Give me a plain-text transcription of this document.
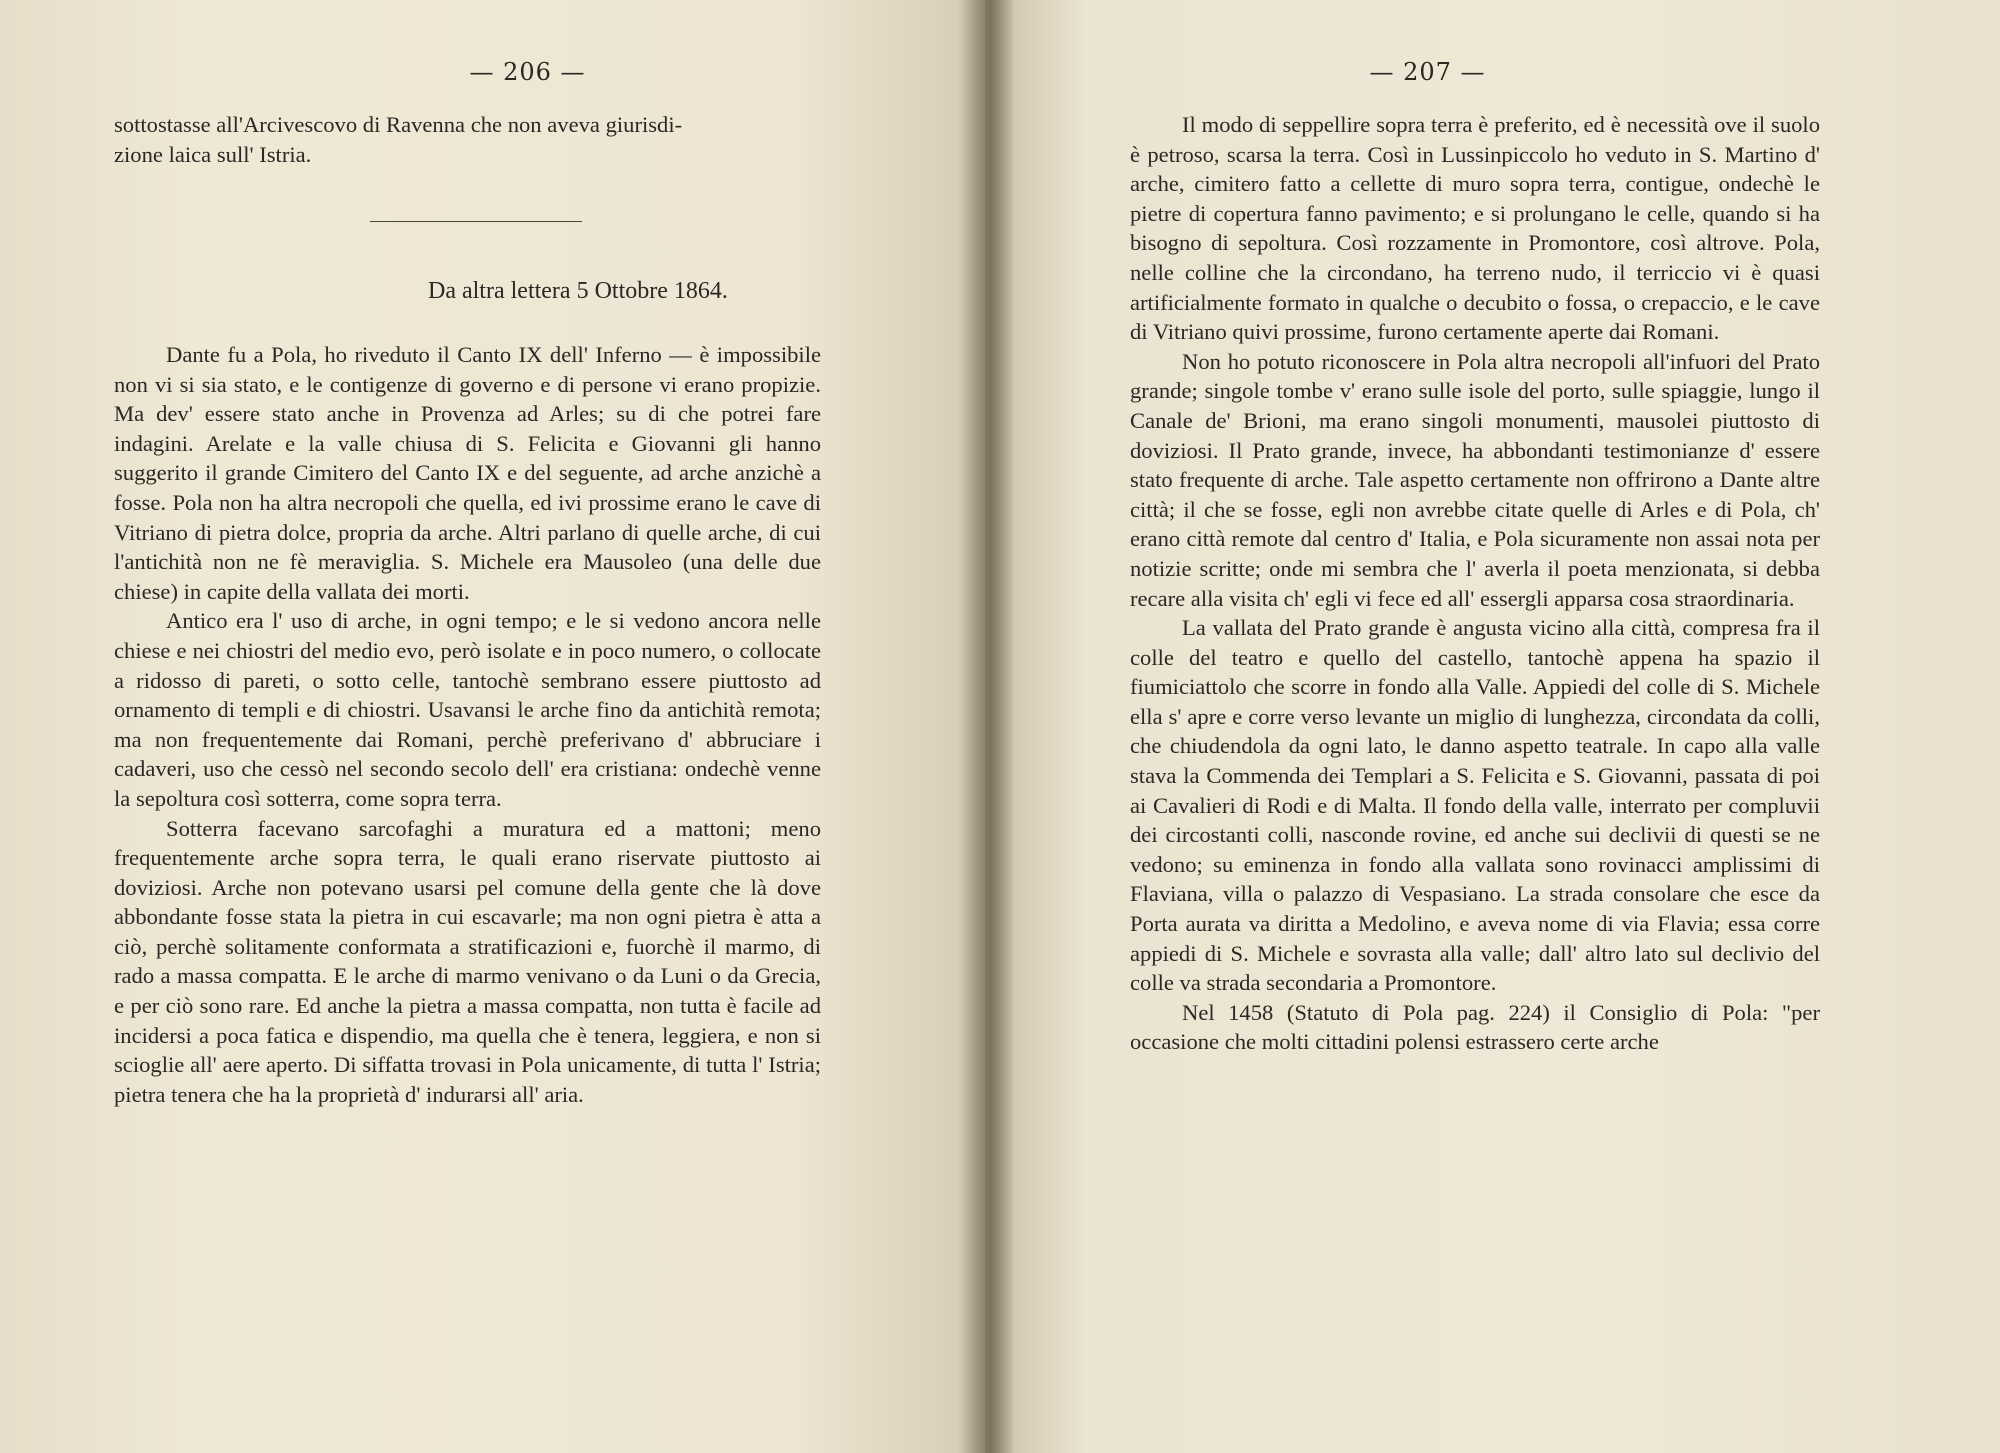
— 206 —

sottostasse all'Arcivescovo di Ravenna che non aveva giurisdi-

zione laica sull' Istria.

Da altra lettera 5 Ottobre 1864.

Dante fu a Pola, ho riveduto il Canto IX dell' Inferno — è impossibile non vi si sia stato, e le contigenze di governo e di persone vi erano propizie. Ma dev' essere stato anche in Provenza ad Arles; su di che potrei fare indagini. Arelate e la valle chiusa di S. Felicita e Giovanni gli hanno suggerito il grande Cimitero del Canto IX e del seguente, ad arche anzichè a fosse. Pola non ha altra necropoli che quella, ed ivi prossime erano le cave di Vitriano di pietra dolce, propria da arche. Altri parlano di quelle arche, di cui l'antichità non ne fè meraviglia. S. Michele era Mausoleo (una delle due chiese) in capite della vallata dei morti.

Antico era l' uso di arche, in ogni tempo; e le si vedono ancora nelle chiese e nei chiostri del medio evo, però isolate e in poco numero, o collocate a ridosso di pareti, o sotto celle, tantochè sembrano essere piuttosto ad ornamento di templi e di chiostri. Usavansi le arche fino da antichità remota; ma non frequentemente dai Romani, perchè preferivano d' abbruciare i cadaveri, uso che cessò nel secondo secolo dell' era cristiana: ondechè venne la sepoltura così sotterra, come sopra terra.

Sotterra facevano sarcofaghi a muratura ed a mattoni; meno frequentemente arche sopra terra, le quali erano riservate piuttosto ai doviziosi. Arche non potevano usarsi pel comune della gente che là dove abbondante fosse stata la pietra in cui escavarle; ma non ogni pietra è atta a ciò, perchè solitamente conformata a stratificazioni e, fuorchè il marmo, di rado a massa compatta. E le arche di marmo venivano o da Luni o da Grecia, e per ciò sono rare. Ed anche la pietra a massa compatta, non tutta è facile ad incidersi a poca fatica e dispendio, ma quella che è tenera, leggiera, e non si scioglie all' aere aperto. Di siffatta trovasi in Pola unicamente, di tutta l' Istria; pietra tenera che ha la proprietà d' indurarsi all' aria.

— 207 —

Il modo di seppellire sopra terra è preferito, ed è necessità ove il suolo è petroso, scarsa la terra. Così in Lussinpiccolo ho veduto in S. Martino d' arche, cimitero fatto a cellette di muro sopra terra, contigue, ondechè le pietre di copertura fanno pavimento; e si prolungano le celle, quando si ha bisogno di sepoltura. Così rozzamente in Promontore, così altrove. Pola, nelle colline che la circondano, ha terreno nudo, il terriccio vi è quasi artificialmente formato in qualche o decubito o fossa, o crepaccio, e le cave di Vitriano quivi prossime, furono certamente aperte dai Romani.

Non ho potuto riconoscere in Pola altra necropoli all'infuori del Prato grande; singole tombe v' erano sulle isole del porto, sulle spiaggie, lungo il Canale de' Brioni, ma erano singoli monumenti, mausolei piuttosto di doviziosi. Il Prato grande, invece, ha abbondanti testimonianze d' essere stato frequente di arche. Tale aspetto certamente non offrirono a Dante altre città; il che se fosse, egli non avrebbe citate quelle di Arles e di Pola, ch' erano città remote dal centro d' Italia, e Pola sicuramente non assai nota per notizie scritte; onde mi sembra che l' averla il poeta menzionata, si debba recare alla visita ch' egli vi fece ed all' essergli apparsa cosa straordinaria.

La vallata del Prato grande è angusta vicino alla città, compresa fra il colle del teatro e quello del castello, tantochè appena ha spazio il fiumiciattolo che scorre in fondo alla Valle. Appiedi del colle di S. Michele ella s' apre e corre verso levante un miglio di lunghezza, circondata da colli, che chiudendola da ogni lato, le danno aspetto teatrale. In capo alla valle stava la Commenda dei Templari a S. Felicita e S. Giovanni, passata di poi ai Cavalieri di Rodi e di Malta. Il fondo della valle, interrato per compluvii dei circostanti colli, nasconde rovine, ed anche sui declivii di questi se ne vedono; su eminenza in fondo alla vallata sono rovinacci amplissimi di Flaviana, villa o palazzo di Vespasiano. La strada consolare che esce da Porta aurata va diritta a Medolino, e aveva nome di via Flavia; essa corre appiedi di S. Michele e sovrasta alla valle; dall' altro lato sul declivio del colle va strada secondaria a Promontore.

Nel 1458 (Statuto di Pola pag. 224) il Consiglio di Pola: "per occasione che molti cittadini polensi estrassero certe arche
